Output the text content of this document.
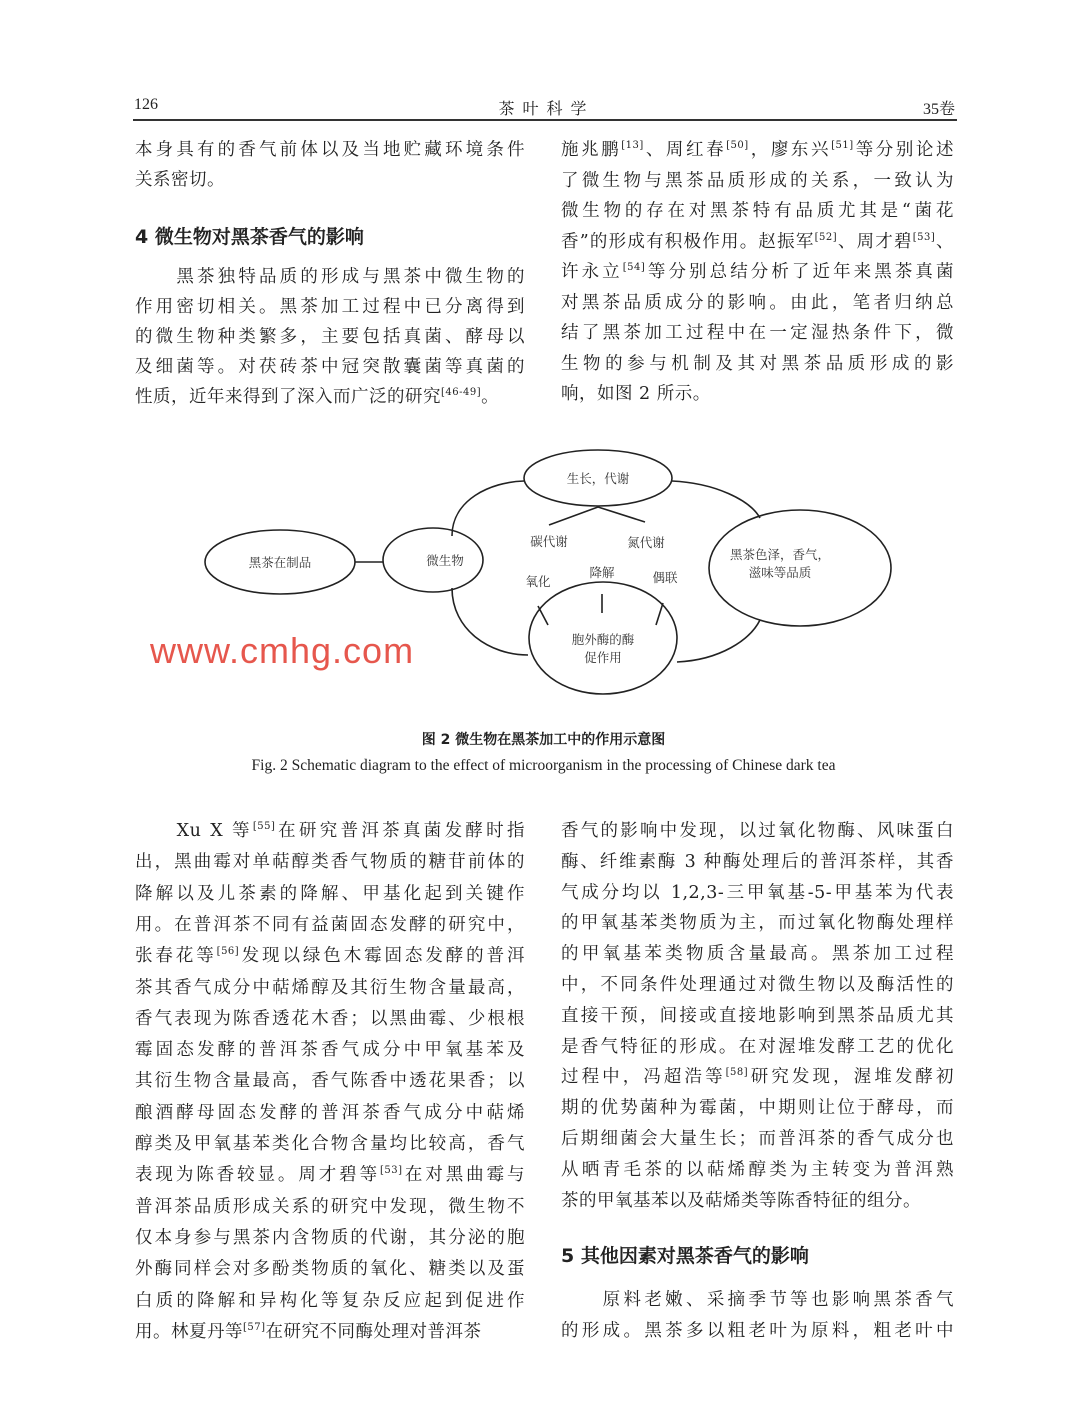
126	茶 叶 科 学	35卷
本身具有的香气前体以及当地贮藏环境条件
关系密切。
　　黑茶独特品质的形成与黑茶中微生物的
作用密切相关。黑茶加工过程中已分离得到
的微生物种类繁多，主要包括真菌、酵母以
及细菌等。对茯砖茶中冠突散囊菌等真菌的
性质，近年来得到了深入而广泛的研究[46-49]。
4 微生物对黑茶香气的影响
施兆鹏[13]、周红春[50]，廖东兴[51]等分别论述
了微生物与黑茶品质形成的关系，一致认为
微生物的存在对黑茶特有品质尤其是“菌花
香”的形成有积极作用。赵振军[52]、周才碧[53]、
许永立[54]等分别总结分析了近年来黑茶真菌
对黑茶品质成分的影响。由此，笔者归纳总
结了黑茶加工过程中在一定湿热条件下，微
生物的参与机制及其对黑茶品质形成的影
响，如图 2 所示。
黑茶在制品	微生物
生长，代谢
黑茶色泽，香气，
滋味等品质
胞外酶的酶
促作用
碳代谢	氮代谢
降解
氧化	偶联
图 2 微生物在黑茶加工中的作用示意图
Fig. 2 Schematic diagram to the effect of microorganism in the processing of Chinese dark tea
　　Xu X 等[55]在研究普洱茶真菌发酵时指
出，黑曲霉对单萜醇类香气物质的糖苷前体的
降解以及儿茶素的降解、甲基化起到关键作
用。在普洱茶不同有益菌固态发酵的研究中，
张春花等[56]发现以绿色木霉固态发酵的普洱
茶其香气成分中萜烯醇及其衍生物含量最高，
香气表现为陈香透花木香；以黑曲霉、少根根
霉固态发酵的普洱茶香气成分中甲氧基苯及
其衍生物含量最高，香气陈香中透花果香；以
酿酒酵母固态发酵的普洱茶香气成分中萜烯
醇类及甲氧基苯类化合物含量均比较高，香气
表现为陈香较显。周才碧等[53]在对黑曲霉与
普洱茶品质形成关系的研究中发现，微生物不
仅本身参与黑茶内含物质的代谢，其分泌的胞
外酶同样会对多酚类物质的氧化、糖类以及蛋
白质的降解和异构化等复杂反应起到促进作
用。林夏丹等[57]在研究不同酶处理对普洱茶
香气的影响中发现，以过氧化物酶、风味蛋白
酶、纤维素酶 3 种酶处理后的普洱茶样，其香
气成分均以 1,2,3-三甲氧基-5-甲基苯为代表
的甲氧基苯类物质为主，而过氧化物酶处理样
的甲氧基苯类物质含量最高。黑茶加工过程
中，不同条件处理通过对微生物以及酶活性的
直接干预，间接或直接地影响到黑茶品质尤其
是香气特征的形成。在对渥堆发酵工艺的优化
过程中，冯超浩等[58]研究发现，渥堆发酵初
期的优势菌种为霉菌，中期则让位于酵母，而
后期细菌会大量生长；而普洱茶的香气成分也
从晒青毛茶的以萜烯醇类为主转变为普洱熟
茶的甲氧基苯以及萜烯类等陈香特征的组分。
　　原料老嫩、采摘季节等也影响黑茶香气
的形成。黑茶多以粗老叶为原料，粗老叶中
5 其他因素对黑茶香气的影响
www.cmhg.com
